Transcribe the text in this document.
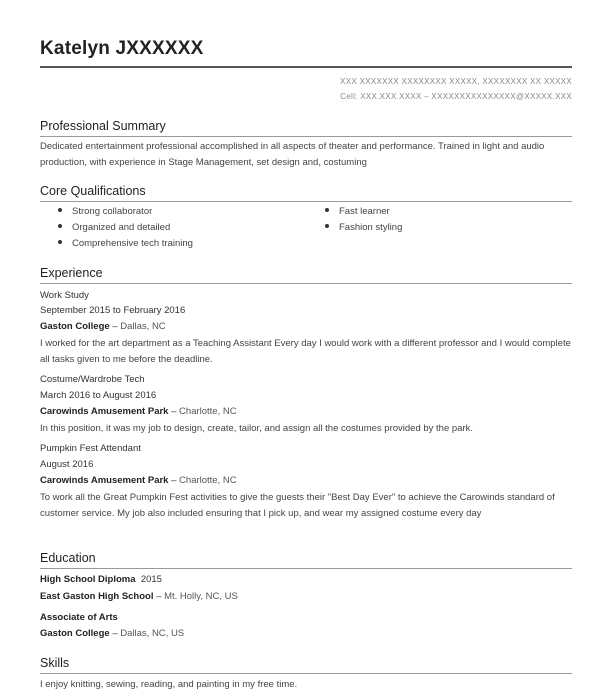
Katelyn JXXXXXX
XXX XXXXXXX XXXXXXXX XXXXX, XXXXXXXX XX XXXXX
Cell: XXX.XXX.XXXX – XXXXXXXXXXXXXXX@XXXXX.XXX
Professional Summary
Dedicated entertainment professional accomplished in all aspects of theater and performance. Trained in light and audio production, with experience in Stage Management, set design and, costuming
Core Qualifications
Strong collaborator
Organized and detailed
Comprehensive tech training
Fast learner
Fashion styling
Experience
Work Study
September 2015 to February 2016
Gaston College – Dallas, NC
I worked for the art department as a Teaching Assistant Every day I would work with a different professor and I would complete all tasks given to me before the deadline.
Costume/Wardrobe Tech
March 2016 to August 2016
Carowinds Amusement Park – Charlotte, NC
In this position, it was my job to design, create, tailor, and assign all the costumes provided by the park.
Pumpkin Fest Attendant
August 2016
Carowinds Amusement Park – Charlotte, NC
To work all the Great Pumpkin Fest activities to give the guests their "Best Day Ever" to achieve the Carowinds standard of customer service. My job also included ensuring that I pick up, and wear my assigned costume every day
Education
High School Diploma 2015
East Gaston High School – Mt. Holly, NC, US
Associate of Arts
Gaston College – Dallas, NC, US
Skills
I enjoy knitting, sewing, reading, and painting in my free time.
